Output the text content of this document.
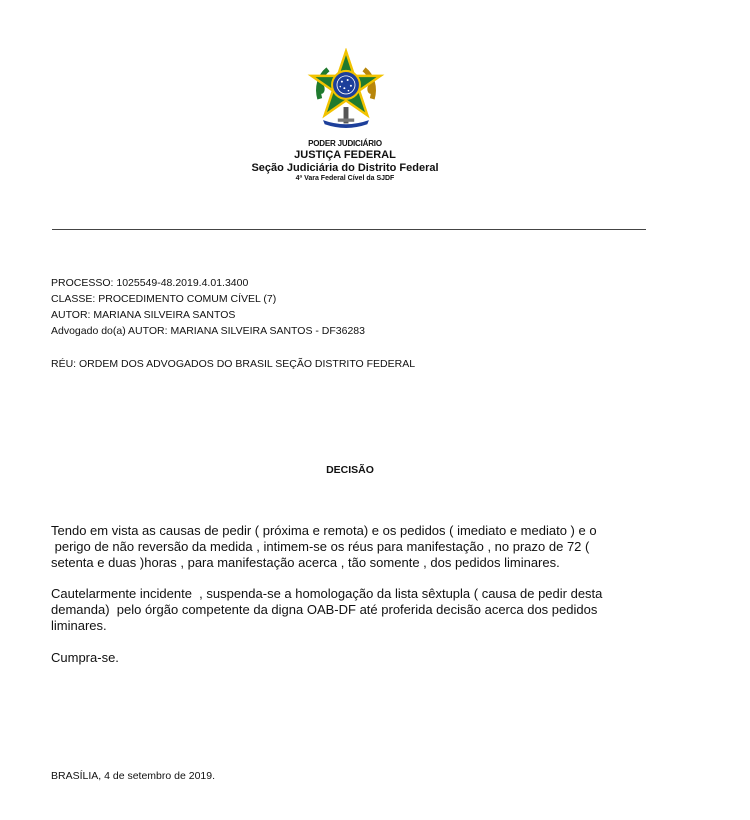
PODER JUDICIÁRIO
JUSTIÇA FEDERAL
Seção Judiciária do Distrito Federal
4ª Vara Federal Cível da SJDF
PROCESSO: 1025549-48.2019.4.01.3400
CLASSE: PROCEDIMENTO COMUM CÍVEL (7)
AUTOR: MARIANA SILVEIRA SANTOS
Advogado do(a) AUTOR: MARIANA SILVEIRA SANTOS - DF36283
RÉU: ORDEM DOS ADVOGADOS DO BRASIL SEÇÃO DISTRITO FEDERAL
DECISÃO
Tendo em vista as causas de pedir ( próxima e remota) e os pedidos ( imediato e mediato ) e o
perigo de não reversão da medida , intimem-se os réus para manifestação , no prazo de 72 (
setenta e duas )horas , para manifestação acerca , tão somente , dos pedidos liminares.
Cautelarmente incidente  , suspenda-se a homologação da lista sêxtupla ( causa de pedir desta
demanda)  pelo órgão competente da digna OAB-DF até proferida decisão acerca dos pedidos
liminares.
Cumpra-se.
BRASÍLIA, 4 de setembro de 2019.
